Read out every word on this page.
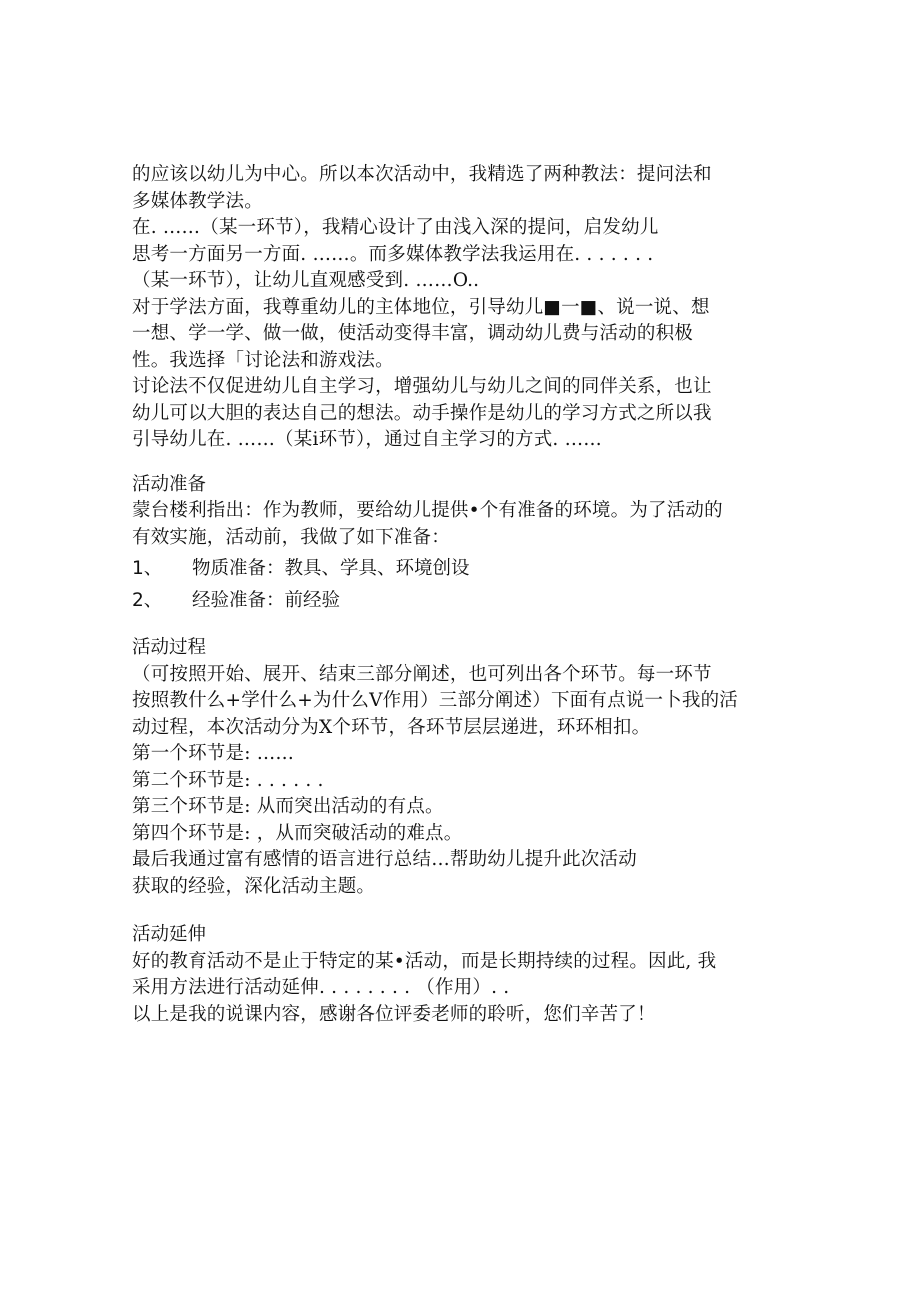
的应该以幼儿为中心。所以本次活动中，我精选了两种教法：提问法和
多媒体教学法。
在. ……（某一环节），我精心设计了由浅入深的提问，启发幼儿
思考一方面另一方面. ……。而多媒体教学法我运用在. . . . . . .
（某一环节），让幼儿直观感受到. ……O..
对于学法方面，我尊重幼儿的主体地位，引导幼儿■一■、说一说、想
一想、学一学、做一做，使活动变得丰富，调动幼儿费与活动的积极
性。我选择「讨论法和游戏法。
讨论法不仅促进幼儿自主学习，增强幼儿与幼儿之间的同伴关系，也让
幼儿可以大胆的表达自己的想法。动手操作是幼儿的学习方式之所以我
引导幼儿在. ……（某i环节），通过自主学习的方式. ……
活动准备
蒙台楼利指出：作为教师，要给幼儿提供•个有准备的环境。为了活动的
有效实施，活动前，我做了如下准备：
1、	物质准备：教具、学具、环境创设
2、	经验准备：前经验
活动过程
（可按照开始、展开、结束三部分阐述，也可列出各个环节。每一环节
按照教什么+学什么+为什么V作用）三部分阐述）下面有点说一卜我的活
动过程，本次活动分为X个环节，各环节层层递进，环环相扣。
第一个环节是: ……
第二个环节是: . . . . . .
第三个环节是: 从而突出活动的有点。
第四个环节是: ，从而突破活动的难点。
最后我通过富有感情的语言进行总结…帮助幼儿提升此次活动
获取的经验，深化活动主题。
活动延伸
好的教育活动不是止于特定的某•活动，而是长期持续的过程。因此, 我
采用方法进行活动延伸. . . . . . . . （作用）. .
以上是我的说课内容，感谢各位评委老师的聆听，您们辛苦了！
